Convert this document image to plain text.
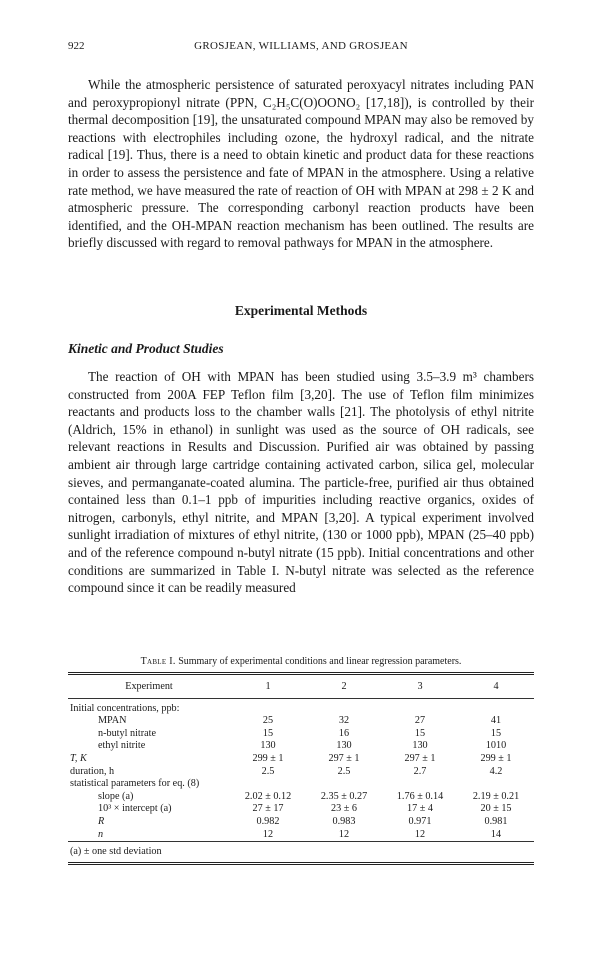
922	GROSJEAN, WILLIAMS, AND GROSJEAN

While the atmospheric persistence of saturated peroxyacyl nitrates including PAN and peroxypropionyl nitrate (PPN, C₂H₅C(O)OONO₂ [17,18]), is controlled by their thermal decomposition [19], the unsaturated compound MPAN may also be removed by reactions with electrophiles including ozone, the hydroxyl radical, and the nitrate radical [19]. Thus, there is a need to obtain kinetic and product data for these reactions in order to assess the persistence and fate of MPAN in the atmosphere. Using a relative rate method, we have measured the rate of reaction of OH with MPAN at 298 ± 2 K and atmospheric pressure. The corresponding carbonyl reaction products have been identified, and the OH-MPAN reaction mechanism has been outlined. The results are briefly discussed with regard to removal pathways for MPAN in the atmosphere.

Experimental Methods
Kinetic and Product Studies

The reaction of OH with MPAN has been studied using 3.5–3.9 m³ chambers constructed from 200A FEP Teflon film [3,20]. The use of Teflon film minimizes reactants and products loss to the chamber walls [21]. The photolysis of ethyl nitrite (Aldrich, 15% in ethanol) in sunlight was used as the source of OH radicals, see relevant reactions in Results and Discussion. Purified air was obtained by passing ambient air through large cartridge containing activated carbon, silica gel, molecular sieves, and permanganate-coated alumina. The particle-free, purified air thus obtained contained less than 0.1–1 ppb of impurities including reactive organics, oxides of nitrogen, carbonyls, ethyl nitrite, and MPAN [3,20]. A typical experiment involved sunlight irradiation of mixtures of ethyl nitrite, (130 or 1000 ppb), MPAN (25–40 ppb) and of the reference compound n-butyl nitrate (15 ppb). Initial concentrations and other conditions are summarized in Table I. N-butyl nitrate was selected as the reference compound since it can be readily measured

Table I. Summary of experimental conditions and linear regression parameters.

Experiment	1	2	3	4
Initial concentrations, ppb:				
MPAN	25	32	27	41
n-butyl nitrate	15	16	15	15
ethyl nitrite	130	130	130	1010
T, K	299 ± 1	297 ± 1	297 ± 1	299 ± 1
duration, h	2.5	2.5	2.7	4.2
statistical parameters for eq. (8)				
slope (a)	2.02 ± 0.12	2.35 ± 0.27	1.76 ± 0.14	2.19 ± 0.21
10³ × intercept (a)	27 ± 17	23 ± 6	17 ± 4	20 ± 15
R	0.982	0.983	0.971	0.981
n	12	12	12	14

(a) ± one std deviation				
